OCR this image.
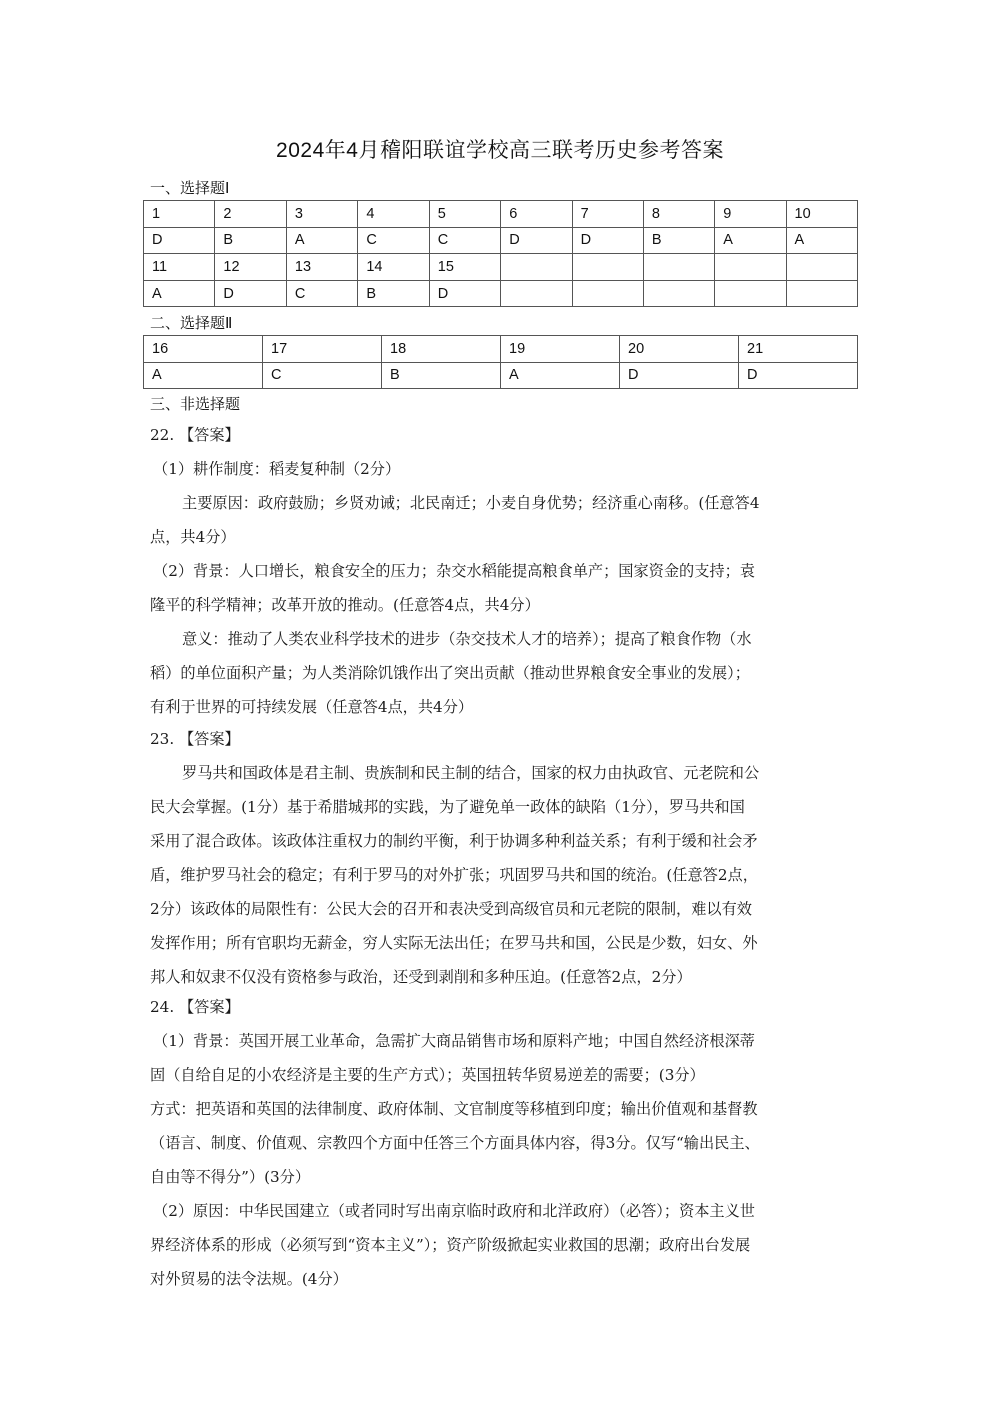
2024年4月稽阳联谊学校高三联考历史参考答案
一、选择题Ⅰ
1	2	3	4	5	6	7	8	9	10
D	B	A	C	C	D	D	B	A	A
11	12	13	14	15					
A	D	C	B	D					
二、选择题Ⅱ
16	17	18	19	20	21
A	C	B	A	D	D
三、非选择题
22. 【答案】
（1）耕作制度：稻麦复种制（2分）
主要原因：政府鼓励；乡贤劝诫；北民南迁；小麦自身优势；经济重心南移。(任意答4
点，共4分）
（2）背景：人口增长，粮食安全的压力；杂交水稻能提高粮食单产；国家资金的支持；袁
隆平的科学精神；改革开放的推动。(任意答4点，共4分）
意义：推动了人类农业科学技术的进步（杂交技术人才的培养）；提高了粮食作物（水
稻）的单位面积产量；为人类消除饥饿作出了突出贡献（推动世界粮食安全事业的发展）；
有利于世界的可持续发展（任意答4点，共4分）
23. 【答案】
罗马共和国政体是君主制、贵族制和民主制的结合，国家的权力由执政官、元老院和公
民大会掌握。(1分）基于希腊城邦的实践，为了避免单一政体的缺陷（1分），罗马共和国
采用了混合政体。该政体注重权力的制约平衡，利于协调多种利益关系；有利于缓和社会矛
盾，维护罗马社会的稳定；有利于罗马的对外扩张；巩固罗马共和国的统治。(任意答2点，
2分）该政体的局限性有：公民大会的召开和表决受到高级官员和元老院的限制，难以有效
发挥作用；所有官职均无薪金，穷人实际无法出任；在罗马共和国，公民是少数，妇女、外
邦人和奴隶不仅没有资格参与政治，还受到剥削和多种压迫。(任意答2点，2分）
24. 【答案】
（1）背景：英国开展工业革命，急需扩大商品销售市场和原料产地；中国自然经济根深蒂
固（自给自足的小农经济是主要的生产方式）；英国扭转华贸易逆差的需要；(3分）
方式：把英语和英国的法律制度、政府体制、文官制度等移植到印度；输出价值观和基督教
（语言、制度、价值观、宗教四个方面中任答三个方面具体内容，得3分。仅写“输出民主、
自由等不得分”）(3分）
（2）原因：中华民国建立（或者同时写出南京临时政府和北洋政府）（必答）；资本主义世
界经济体系的形成（必须写到“资本主义”）；资产阶级掀起实业救国的思潮；政府出台发展
对外贸易的法令法规。(4分）
